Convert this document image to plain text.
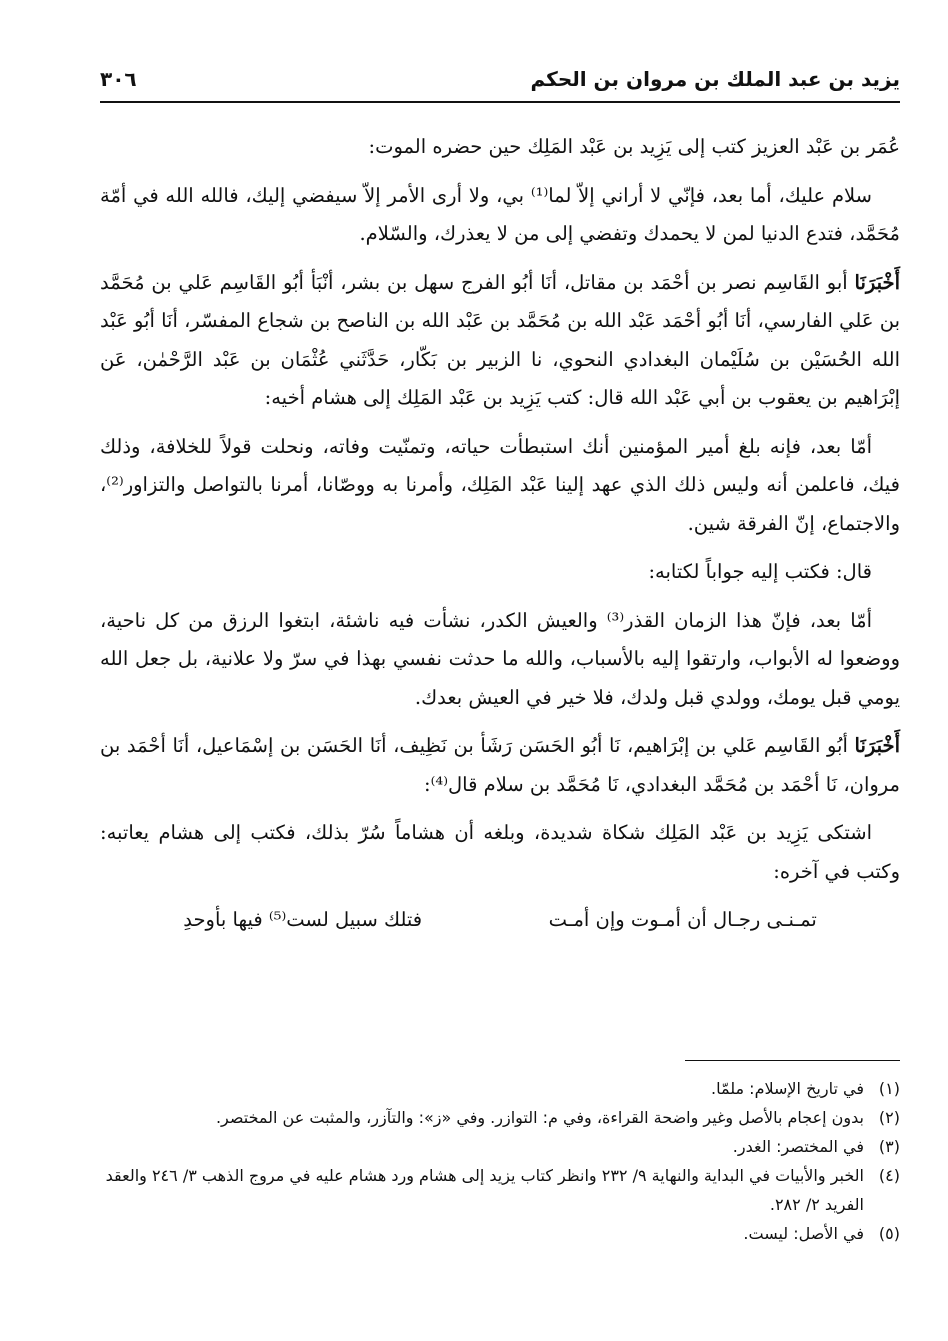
يزيد بن عبد الملك بن مروان بن الحكم
٣٠٦

عُمَر بن عَبْد العزيز كتب إلى يَزِيد بن عَبْد المَلِك حين حضره الموت:

سلام عليك، أما بعد، فإنّي لا أراني إلاّ لما⁽¹⁾ بي، ولا أرى الأمر إلاّ سيفضي إليك، فالله الله في أمّة مُحَمَّد، فتدع الدنيا لمن لا يحمدك وتفضي إلى من لا يعذرك، والسّلام.

أَخْبَرَنَا أبو القَاسِم نصر بن أحْمَد بن مقاتل، أنَا أبُو الفرج سهل بن بشر، أنْبَأ أبُو القَاسِم عَلي بن مُحَمَّد بن عَلي الفارسي، أنَا أبُو أحْمَد عَبْد الله بن مُحَمَّد بن عَبْد الله بن الناصح بن شجاع المفسّر، أنَا أبُو عَبْد الله الحُسَيْن بن سُلَيْمان البغدادي النحوي، نا الزبير بن بَكّار، حَدَّثَني عُثْمَان بن عَبْد الرَّحْمٰن، عَن إبْرَاهيم بن يعقوب بن أبي عَبْد الله قال: كتب يَزِيد بن عَبْد المَلِك إلى هشام أخيه:

أمّا بعد، فإنه بلغ أمير المؤمنين أنك استبطأت حياته، وتمنّيت وفاته، ونحلت قولاً للخلافة، وذلك فيك، فاعلمن أنه وليس ذلك الذي عهد إلينا عَبْد المَلِك، وأمرنا به ووصّانا، أمرنا بالتواصل والتزاور⁽²⁾، والاجتماع، إنّ الفرقة شين.

قال: فكتب إليه جواباً لكتابه:

أمّا بعد، فإنّ هذا الزمان القذر⁽³⁾ والعيش الكدر، نشأت فيه ناشئة، ابتغوا الرزق من كل ناحية، ووضعوا له الأبواب، وارتقوا إليه بالأسباب، والله ما حدثت نفسي بهذا في سرّ ولا علانية، بل جعل الله يومي قبل يومك، وولدي قبل ولدك، فلا خير في العيش بعدك.

أَخْبَرَنَا أبُو القَاسِم عَلي بن إبْرَاهيم، نَا أبُو الحَسَن رَشَأ بن نَظِيف، أنَا الحَسَن بن إسْمَاعيل، أنَا أحْمَد بن مروان، نَا أحْمَد بن مُحَمَّد البغدادي، نَا مُحَمَّد بن سلام قال⁽⁴⁾:

اشتكى يَزِيد بن عَبْد المَلِك شكاة شديدة، وبلغه أن هشاماً سُرّ بذلك، فكتب إلى هشام يعاتبه: وكتب في آخره:

تمـنـى رجـال أن أمـوت وإن أمـت
فتلك سبيل لست⁽⁵⁾ فيها بأوحدِ
(١)
في تاريخ الإسلام: ملمّا.
(٢)
بدون إعجام بالأصل وغير واضحة القراءة، وفي م: التوازر. وفي «ز»: والتآزر، والمثبت عن المختصر.
(٣)
في المختصر: الغدر.
(٤)
الخبر والأبيات في البداية والنهاية ٩/ ٢٣٢ وانظر كتاب يزيد إلى هشام ورد هشام عليه في مروج الذهب ٣/ ٢٤٦ والعقد الفريد ٢/ ٢٨٢.
(٥)
في الأصل: ليست.
